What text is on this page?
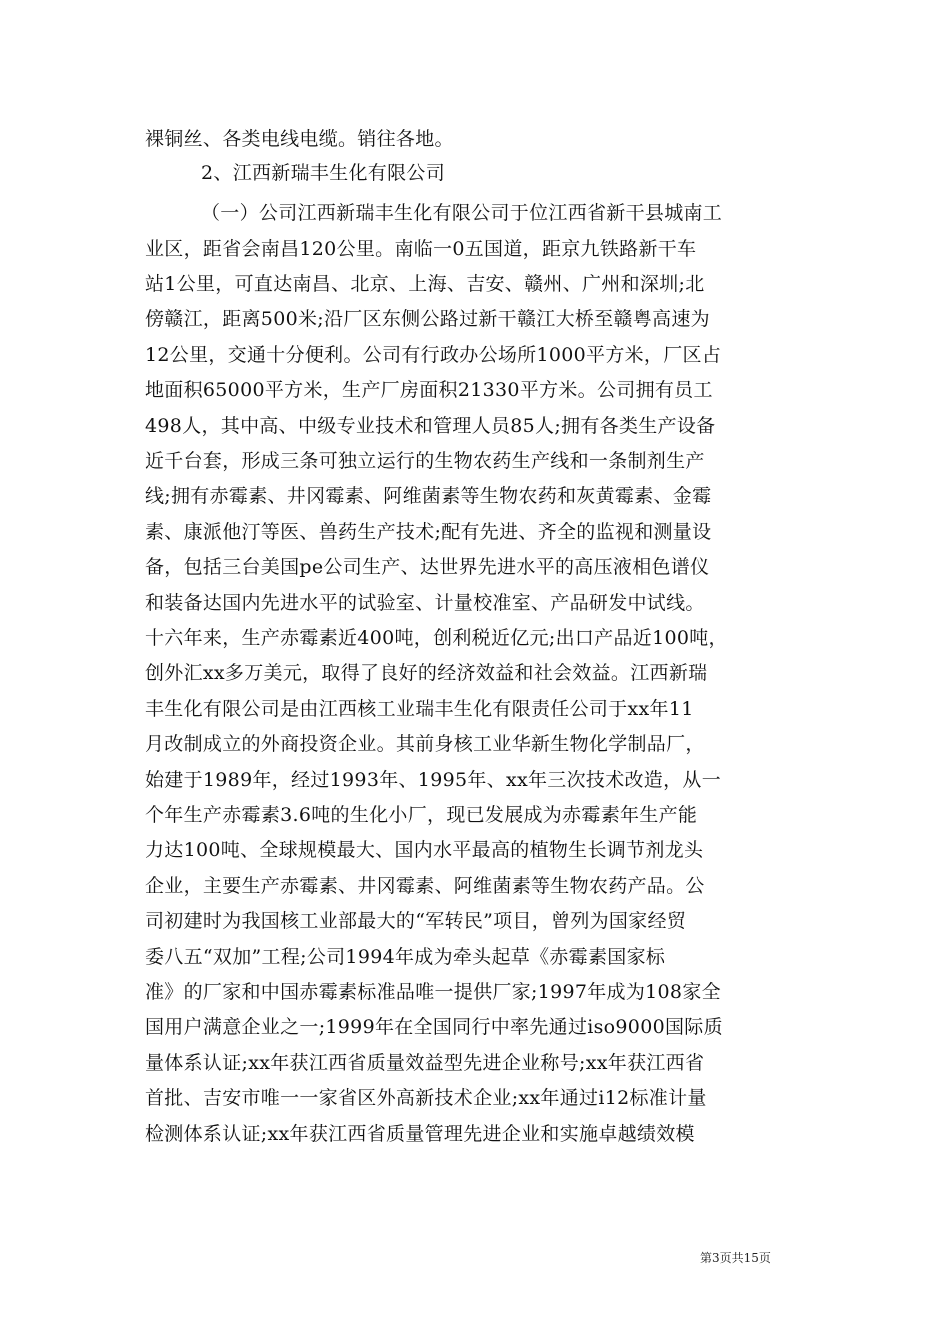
裸铜丝、各类电线电缆。销往各地。
2、江西新瑞丰生化有限公司
（一）公司江西新瑞丰生化有限公司于位江西省新干县城南工
业区，距省会南昌120公里。南临一0五国道，距京九铁路新干车
站1公里，可直达南昌、北京、上海、吉安、赣州、广州和深圳;北
傍赣江，距离500米;沿厂区东侧公路过新干赣江大桥至赣粤高速为
12公里，交通十分便利。公司有行政办公场所1000平方米，厂区占
地面积65000平方米，生产厂房面积21330平方米。公司拥有员工
498人，其中高、中级专业技术和管理人员85人;拥有各类生产设备
近千台套，形成三条可独立运行的生物农药生产线和一条制剂生产
线;拥有赤霉素、井冈霉素、阿维菌素等生物农药和灰黄霉素、金霉
素、康派他汀等医、兽药生产技术;配有先进、齐全的监视和测量设
备，包括三台美国pe公司生产、达世界先进水平的高压液相色谱仪
和装备达国内先进水平的试验室、计量校准室、产品研发中试线。
十六年来，生产赤霉素近400吨，创利税近亿元;出口产品近100吨，
创外汇xx多万美元，取得了良好的经济效益和社会效益。江西新瑞
丰生化有限公司是由江西核工业瑞丰生化有限责任公司于xx年11
月改制成立的外商投资企业。其前身核工业华新生物化学制品厂，
始建于1989年，经过1993年、1995年、xx年三次技术改造，从一
个年生产赤霉素3.6吨的生化小厂，现已发展成为赤霉素年生产能
力达100吨、全球规模最大、国内水平最高的植物生长调节剂龙头
企业，主要生产赤霉素、井冈霉素、阿维菌素等生物农药产品。公
司初建时为我国核工业部最大的“军转民”项目，曾列为国家经贸
委八五“双加”工程;公司1994年成为牵头起草《赤霉素国家标
准》的厂家和中国赤霉素标准品唯一提供厂家;1997年成为108家全
国用户满意企业之一;1999年在全国同行中率先通过iso9000国际质
量体系认证;xx年获江西省质量效益型先进企业称号;xx年获江西省
首批、吉安市唯一一家省区外高新技术企业;xx年通过i12标准计量
检测体系认证;xx年获江西省质量管理先进企业和实施卓越绩效模
第3页共15页
